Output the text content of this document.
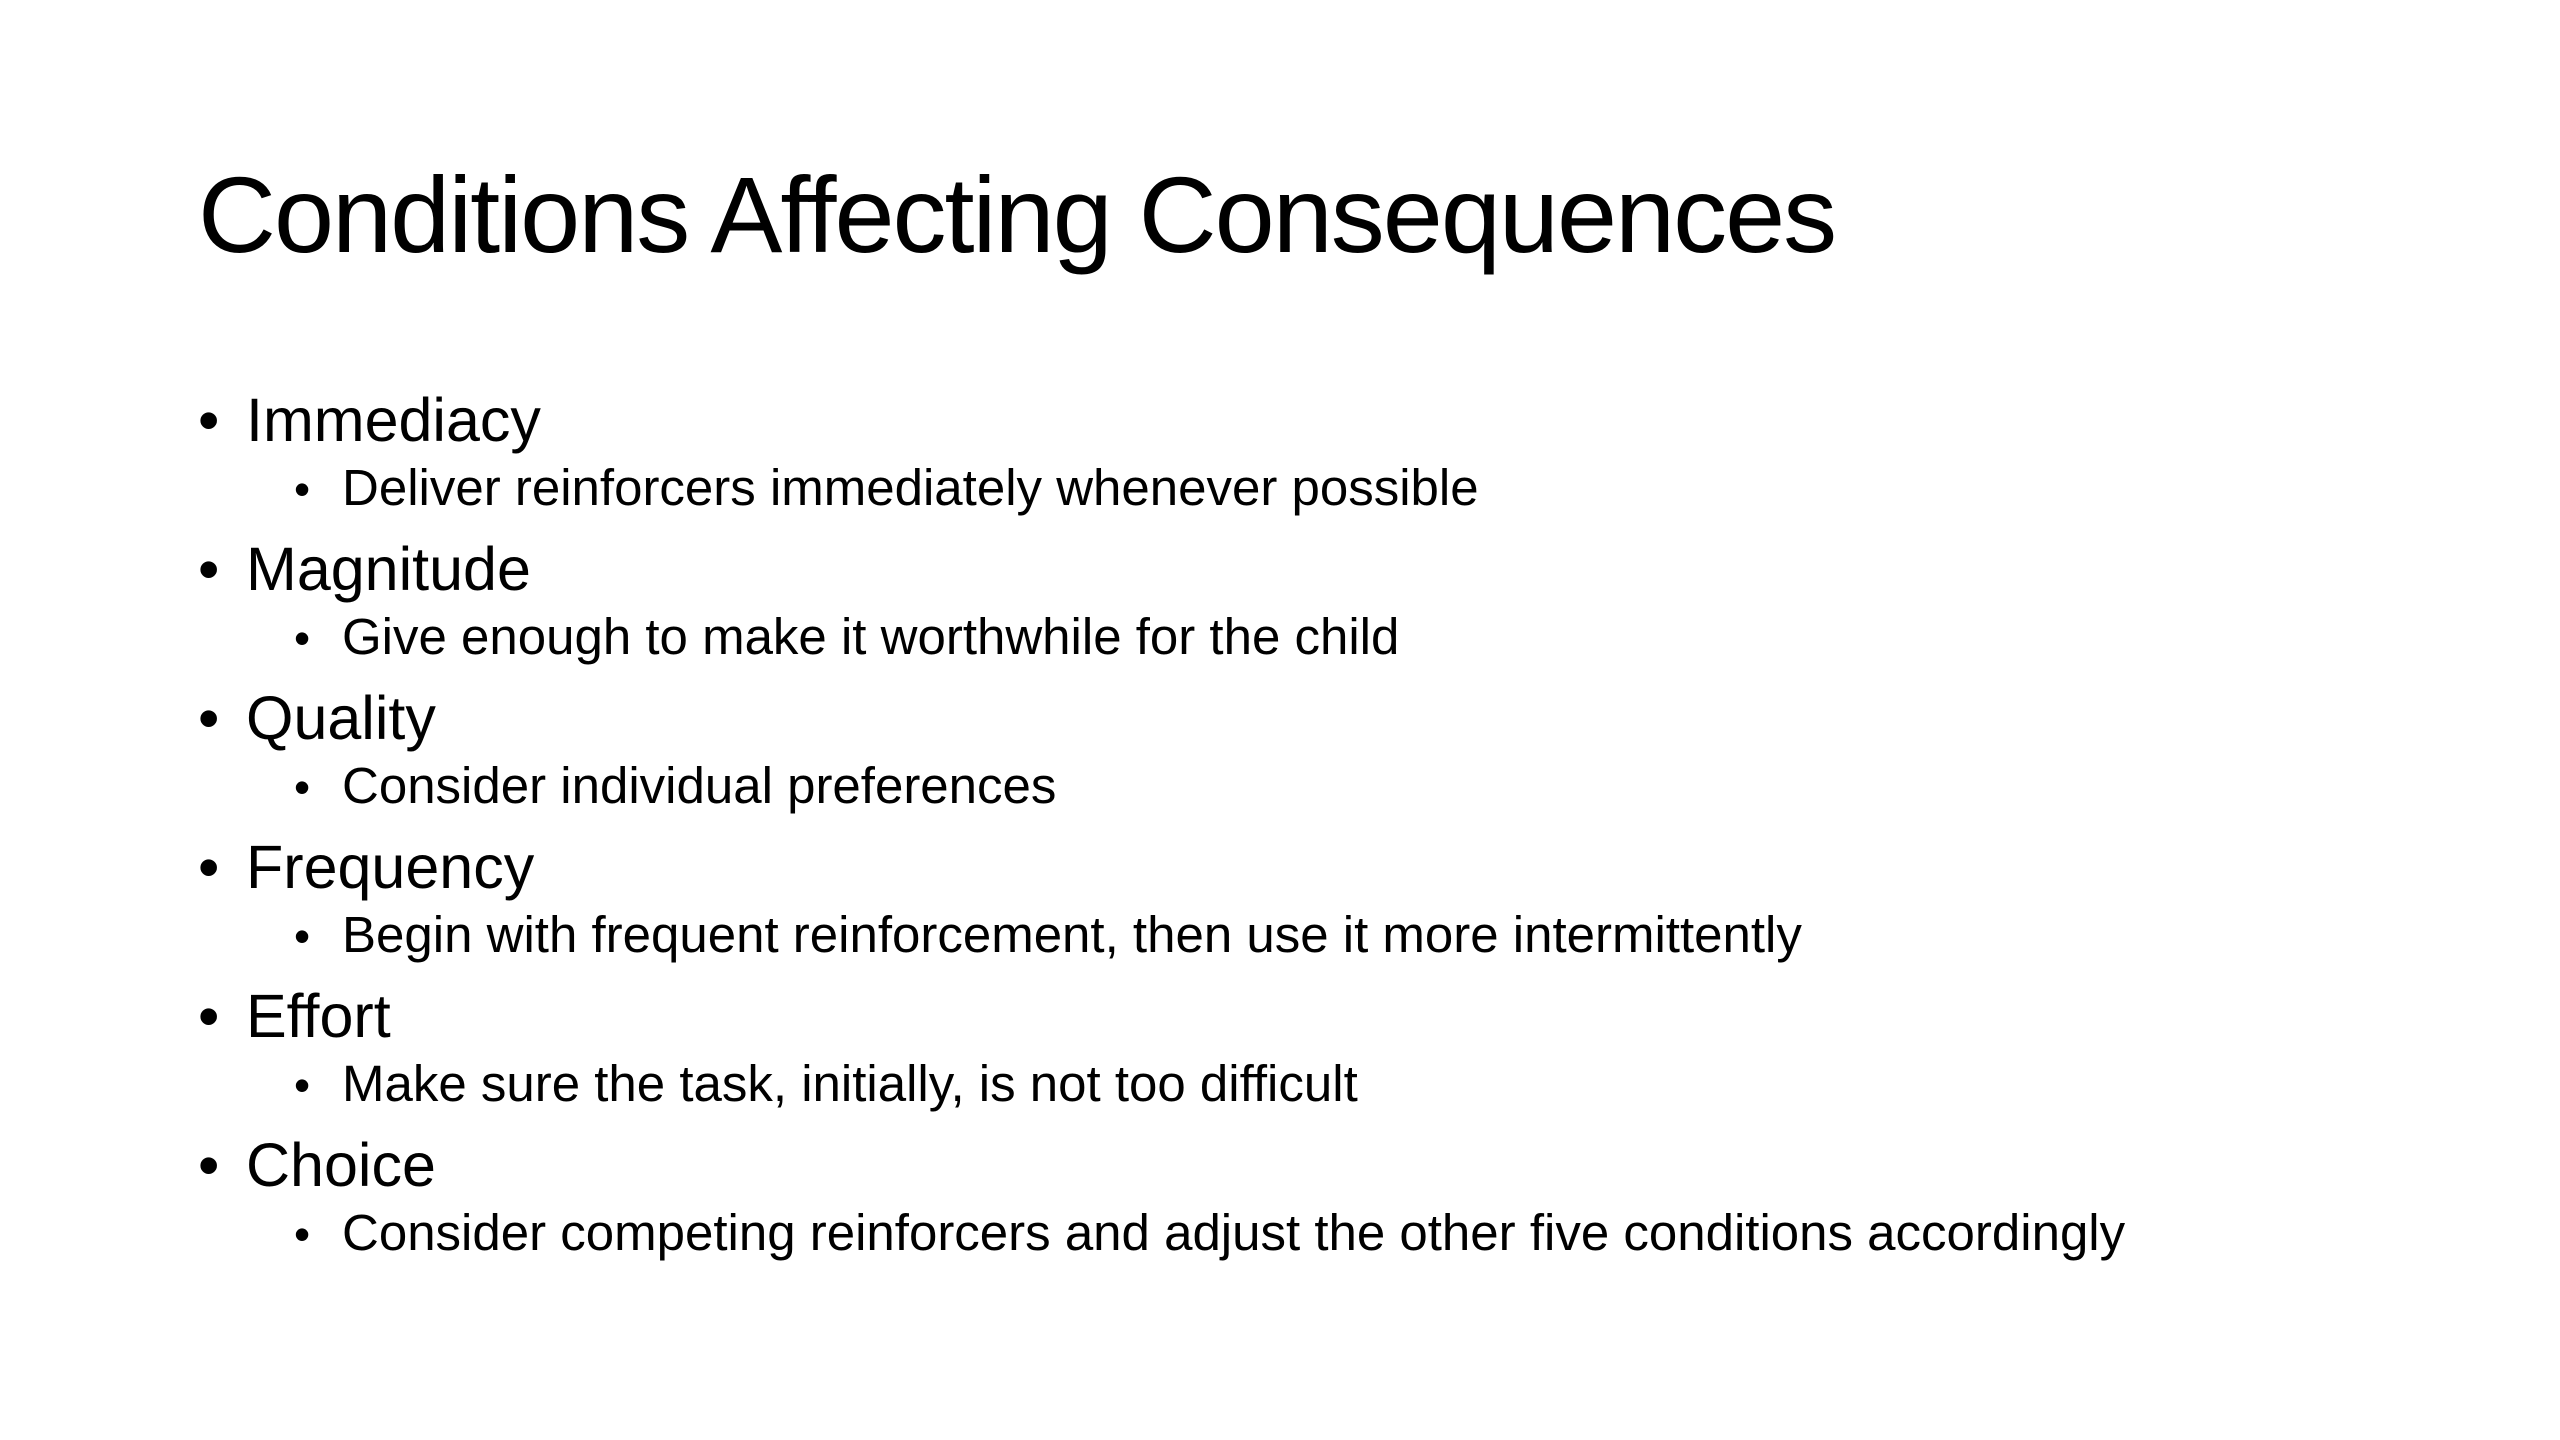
Conditions Affecting Consequences
• Immediacy
• Deliver reinforcers immediately whenever possible
• Magnitude
• Give enough to make it worthwhile for the child
• Quality
• Consider individual preferences
• Frequency
• Begin with frequent reinforcement, then use it more intermittently
• Effort
• Make sure the task, initially, is not too difficult
• Choice
• Consider competing reinforcers and adjust the other five conditions accordingly
